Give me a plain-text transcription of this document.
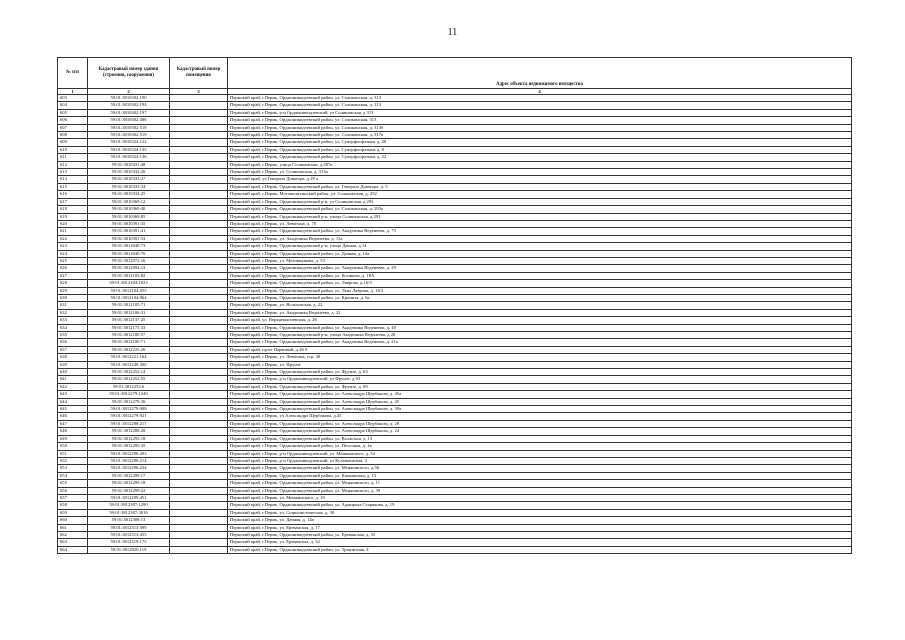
11
№ п/п	Кадастровый номер здания (строения, сооружения)	Кадастровый номер помещения	Адрес объекта недвижимого имущества
1	2	3	4
603	59:01:3810302:190		Пермский край, г.Пермь, Орджоникидзевский район, ул. Соликамская, д. 313
604	59:01:3810302:194		Пермский край, г.Пермь, Орджоникидзевский район, ул. Соликамская, д. 313
605	59:01:3810302:197		Пермский край, г.Пермь, р-н Орджоникидзевский, ул Соликамская, д 313
606	59:01:3810302:386		Пермский край, г.Пермь, Орджоникидзевский район, ул. Соликамская, 313
607	59:01:3810302:518		Пермский край, г.Пермь, Орджоникидзевский район, ул. Соликамская, д. 313б
608	59:01:3810302:519		Пермский край, г.Пермь, Орджоникидзевский район, ул. Соликамская, д. 317в
609	59:01:3810324:122		Пермский край, г.Пермь, Орджоникидзевский район, ул. Суперфосфатная, д. 20
610	59:01:3810324:135		Пермский край, г.Пермь, Орджоникидзевский район, ул. Суперфосфатная, д. 8
611	59:01:3810324:136		Пермский край, г.Пермь, Орджоникидзевский район, ул. Суперфосфатная, д. 22
612	59:01:3810331:48		Пермский край, г.Пермь, улица Соликамская, д.287в
613	59:01:3810332:26		Пермский край, г.Пермь, ул. Соликамская, д. 313а
614	59:01:3810333:27		Пермский край, ул.Генерала Доватора, д.28 а
615	59:01:3810333:34		Пермский край, г.Пермь, Орджоникидзевский район, ул. Генерала Доватора, д. 5
616	59:01:3810334:25		Пермский край, г.Пермь, Мотовилихинский район, ул. Соликамская, д. 252
617	59:01:3810369:12		Пермский край, г.Пермь, Орджоникидзевский р-н, ул Соликамская, д 293
618	59:01:3810369:40		Пермский край, г.Пермь, Орджоникидзевский район, ул. Соликамская, д. 293а
619	59:01:3810369:85		Пермский край, г.Пермь, Орджоникидзевский р-н, улица Соликамская, д.293
620	59:01:3810391:35		Пермский край, г.Пермь, ул. Левитана, д. 70
621	59:01:3810391:41		Пермский край, г.Пермь, Орджоникидзевский район, ул. Академика Веденеева, д. 73
622	59:01:3810391:53		Пермский край, г.Пермь, ул. Академика Веденеева, д. 13а
623	59:01:3812040:73		Пермский край, г.Пермь, Орджоникидзевский р-н, улица Дачная, д.14
624	59:01:3812040:76		Пермский край, г.Пермь, Орджоникидзевский район, ул. Дачная, д. 14а
625	59:01:3812072:16		Пермский край, г.Пермь, ул. Меховщикова, д. 53
626	59:01:3812094:13		Пермский край, г.Пермь, Орджоникидзевский район, ул. Академика Веденеева, д. 29
627	59:01:3812103:82		Пермский край, г.Пермь, Орджоникидзевский район, ул. Косякова, д. 18А
628	59:01:3812104:1023		Пермский край, г.Пермь, Орджоникидзевский район, ул. Лаврова, д.16/3
629	59:01:3812104:955		Пермский край, г.Пермь, Орджоникидзевский район, ул. Льва Лаврова, д. 16/3
630	59:01:3812104:964		Пермский край, г.Пермь, Орджоникидзевский район, ул. Кронита, д. 6а
631	59:01:3812105:71		Пермский край, г.Пермь, ул. Вольховская, д. 22
632	59:01:3812106:31		Пермский край, г.Пермь, ул. Академика Веденеева, д. 22
633	59:01:3812137:25		Пермский край, ул. Верхнекыгиевская, д. 26
634	59:01:3812175:33		Пермский край, г.Пермь, Орджоникидзевский район, ул. Академика Веденеева, д. 40
635	59:01:3812180:57		Пермский край, г.Пермь, Орджоникидзевский р-н, улица Академика Веденеева, д 28
636	59:01:3812180:71		Пермский край, г.Пермь, Орджоникидзевский район, ул. Академика Веденеева, д. 21а
637	59:01:3812225:26		Пермский край, пр-кт Парковый, д.26 б
638	59:01:3812221:164		Пермский край, г.Пермь, ул. Левитана, стр. 30
639	59:01:3812248:300		Пермский край, г.Пермь, ул. Фрунзе
640	59:01:3812252:14		Пермский край, г.Пермь, Орджоникидзевский район, ул. Фрунзе, д. 63
641	59:01:3812252:55		Пермский край, г.Пермь, р-н Орджоникидзевский, ул Фрунзе, д 63
642	59:01:3812252:6		Пермский край, г.Пермь, Орджоникидзевский район, ул. Фрунзе, д. 69
643	59:01:3812279:1240		Пермский край, г.Пермь, Орджоникидзевский район, ул. Александра Щербакова, д. 45а
644	59:01:3812279:36		Пермский край, г.Пермь, Орджоникидзевский район, ул. Александра Щербакова, д. 45
645	59:01:3812279:908		Пермский край, г.Пермь, Орджоникидзевский район, ул. Александра Щербакова, д. 39а
646	59:01:3812279:921		Пермский край, г.Пермь, ул.Александра Щербакова, д.45
647	59:01:3812288:217		Пермский край, г.Пермь, Орджоникидзевский район, ул. Александра Щербакова, д. 28
648	59:01:3812288:28		Пермский край, г.Пермь, Орджоникидзевский район, ул. Александра Щербакова, д. 24
649	59:01:3812293:18		Пермский край, г.Пермь, Орджоникидзевский район, ул. Волжская, д. 13
650	59:01:3812295:35		Пермский край, г.Пермь, Орджоникидзевский район, ул. Песочная, д. 1в
651	59:01:3812296:203		Пермский край, г.Пермь, р-н Орджоникидзевский, ул. Менжинского, д. 54
652	59:01:3812296:214		Пермский край, г.Пермь, р-н Орджоникидзевский, ул Кутамышская, 4
653	59:01:3812296:234		Пермский край, г.Пермь, Орджоникидзевский район, ул. Менжинского, д.56
654	59:01:3812299:17		Пермский край, г.Пермь, Орджоникидзевский район, ул. Камышская, д. 13
655	59:01:3812299:18		Пермский край, г.Пермь, Орджоникидзевский район, ул. Менжинского, д. 11
656	59:01:3812299:22		Пермский край, г.Пермь, Орджоникидзевский район, ул. Менжинского, д. 39
657	59:01:3812299:451		Пермский край, г.Пермь, ул. Менжинского, д. 19
658	59:01:3812307:1290		Пермский край, г.Пермь, Орджоникидзевский район, ул. Адмирала Старикова, д. 19
659	59:01:3812307:3016		Пермский край, г.Пермь, ул. Социалистическая, д. 30
660	59:01:3812308:13		Пермский край, г.Пермь, ул. Дачная, д. 14а
661	59:01:3812313:399		Пермский край, г.Пермь, ул. Ереванская, д. 17
662	59:01:3812313:455		Пермский край, г.Пермь, Орджоникидзевский район, ул. Ереванская, д. 35
663	59:01:3812319:175		Пермский край, г.Пермь, ул. Ереванская, д. 32
664	59:01:3812820:119		Пермский край, г.Пермь, Орджоникидзевский район, ул. Транзитная, 4
